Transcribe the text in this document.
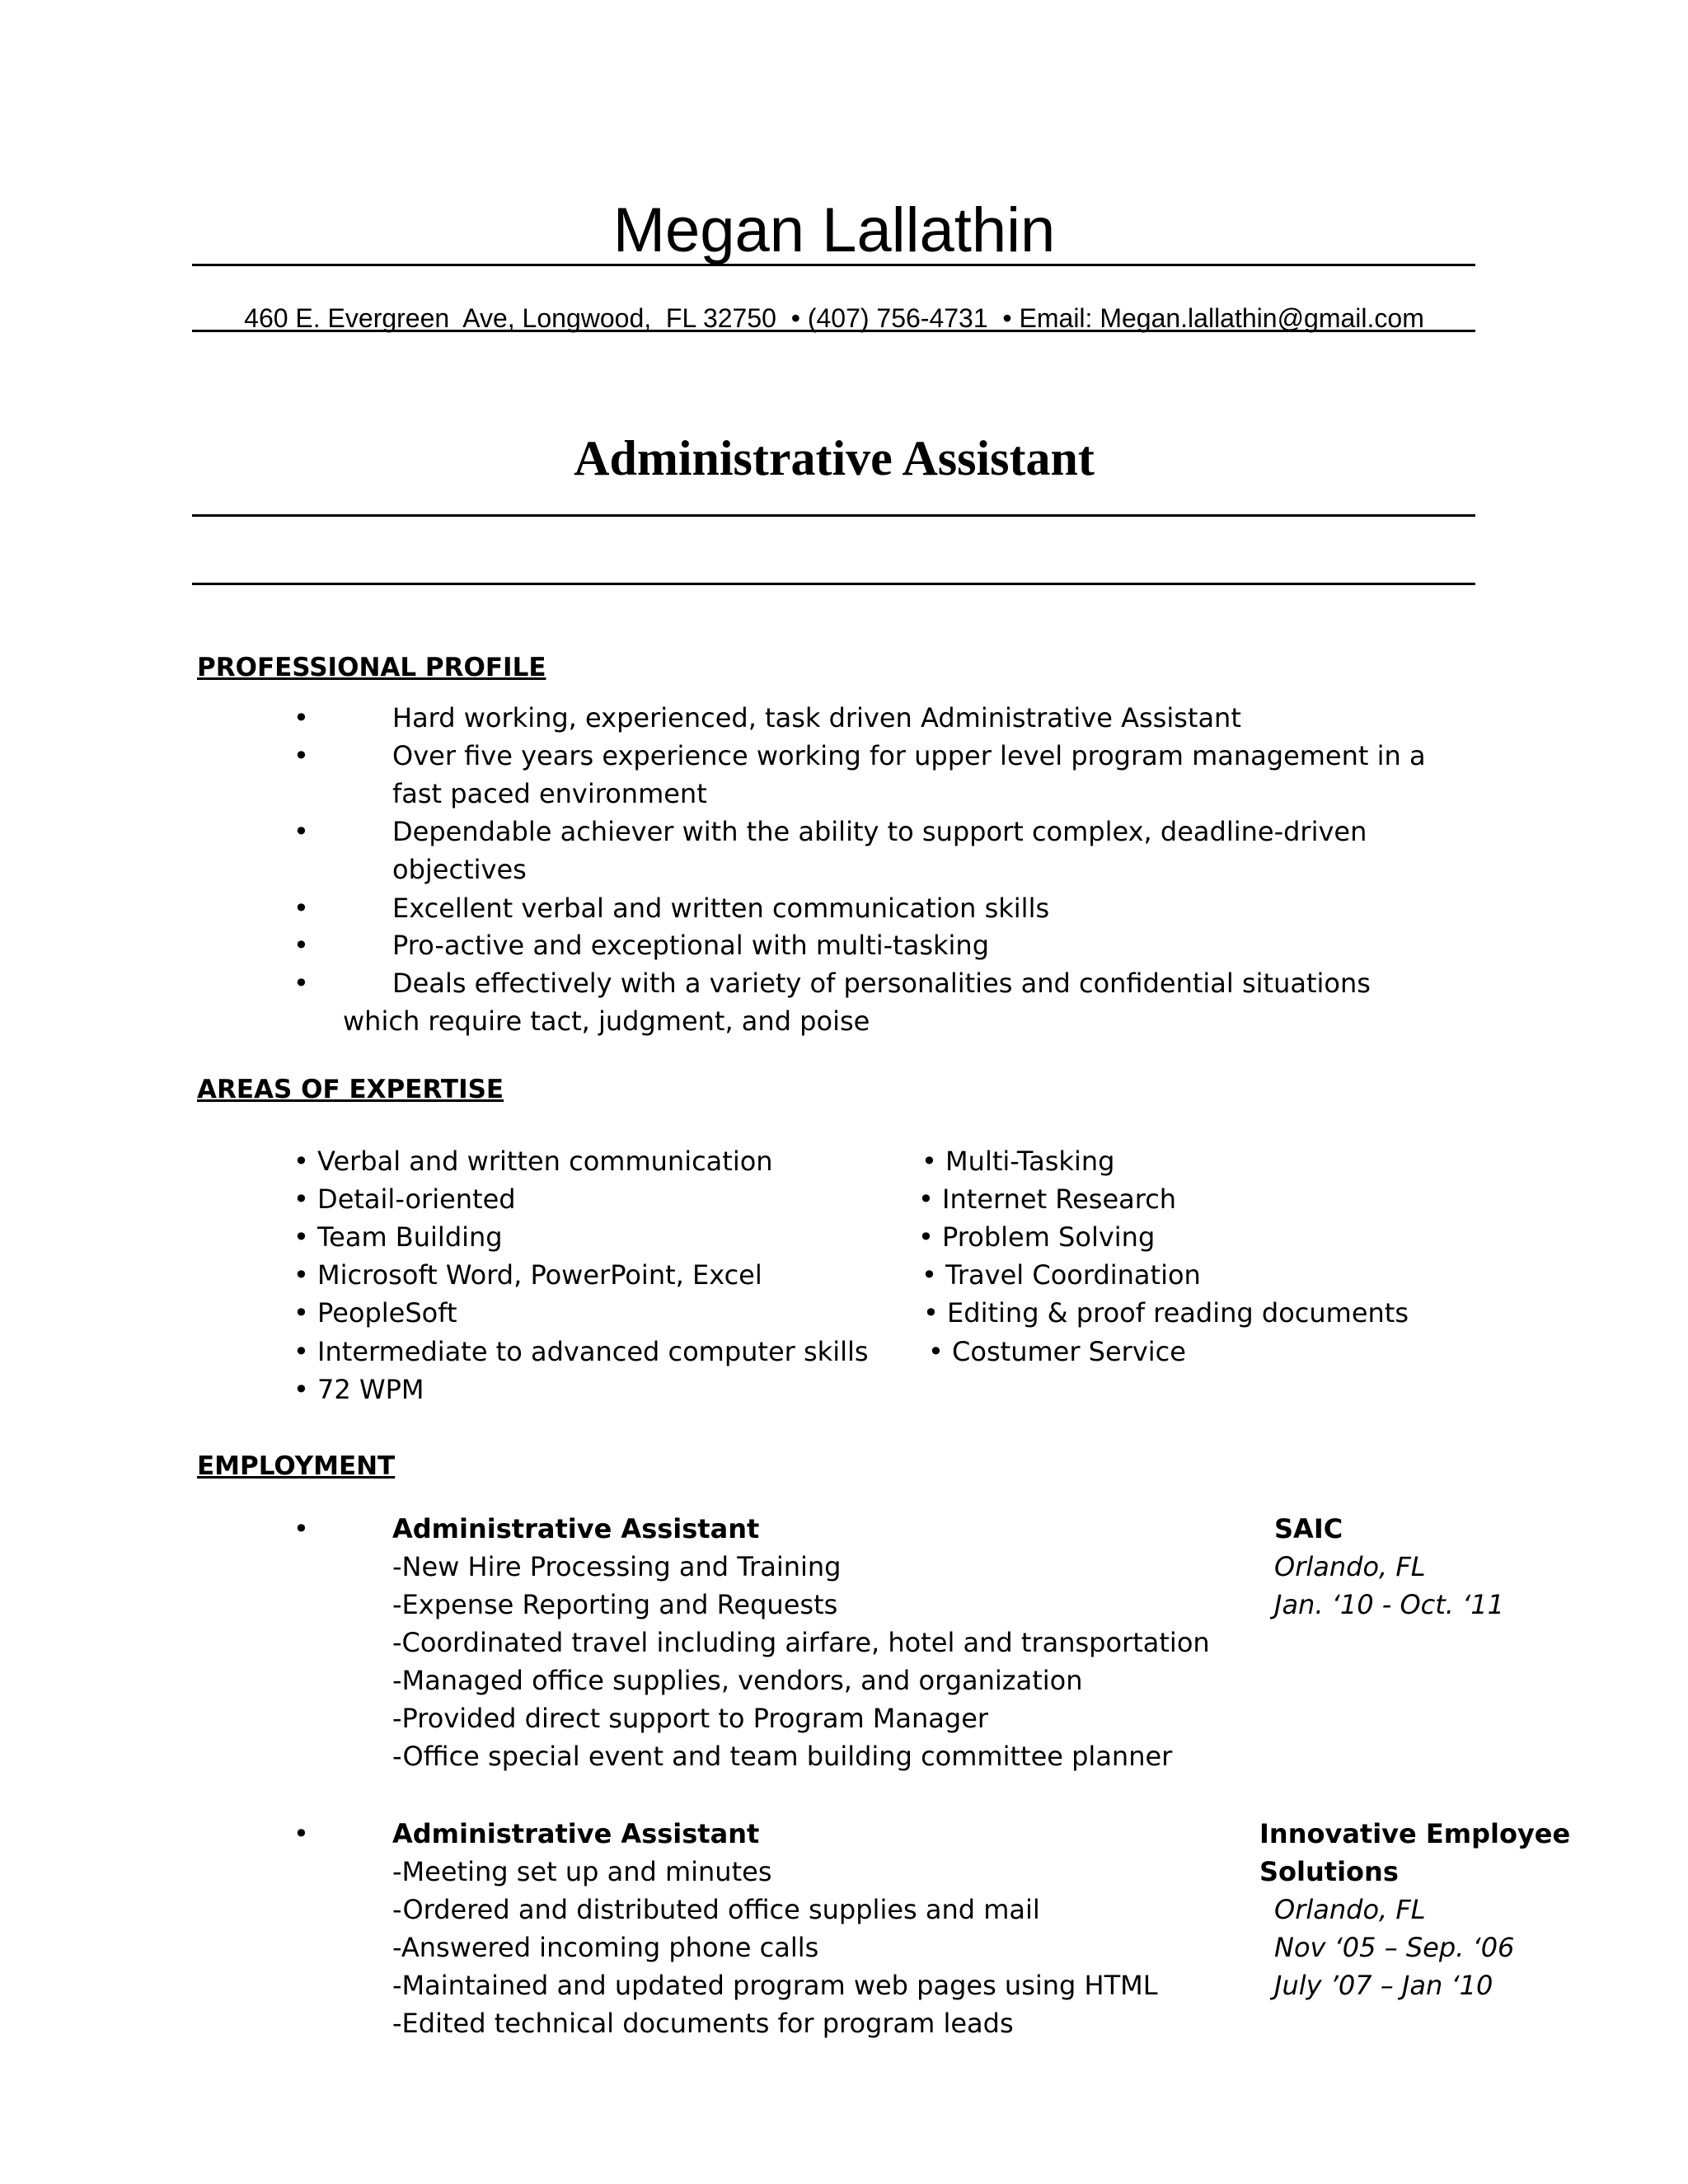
Megan Lallathin
460 E. Evergreen  Ave, Longwood,  FL 32750  • (407) 756-4731  • Email: Megan.lallathin@gmail.com
Administrative Assistant
PROFESSIONAL PROFILE
•	Hard working, experienced, task driven Administrative Assistant
•	Over five years experience working for upper level program management in a
fast paced environment
•	Dependable achiever with the ability to support complex, deadline-driven
objectives
•	Excellent verbal and written communication skills
•	Pro-active and exceptional with multi-tasking
•	Deals effectively with a variety of personalities and confidential situations
which require tact, judgment, and poise
AREAS OF EXPERTISE
• Verbal and written communication
• Detail-oriented
• Team Building
• Microsoft Word, PowerPoint, Excel
• PeopleSoft
• Intermediate to advanced computer skills
• 72 WPM
• Multi-Tasking
• Internet Research
• Problem Solving
• Travel Coordination
• Editing & proof reading documents
• Costumer Service
EMPLOYMENT
•	Administrative Assistant	SAIC
-New Hire Processing and Training	Orlando, FL
-Expense Reporting and Requests	Jan. ‘10 - Oct. ‘11
-Coordinated travel including airfare, hotel and transportation
-Managed office supplies, vendors, and organization
-Provided direct support to Program Manager
-Office special event and team building committee planner
•	Administrative Assistant	Innovative Employee
-Meeting set up and minutes	Solutions
-Ordered and distributed office supplies and mail	Orlando, FL
-Answered incoming phone calls	Nov ‘05 – Sep. ‘06
-Maintained and updated program web pages using HTML	July ’07 – Jan ‘10
-Edited technical documents for program leads
